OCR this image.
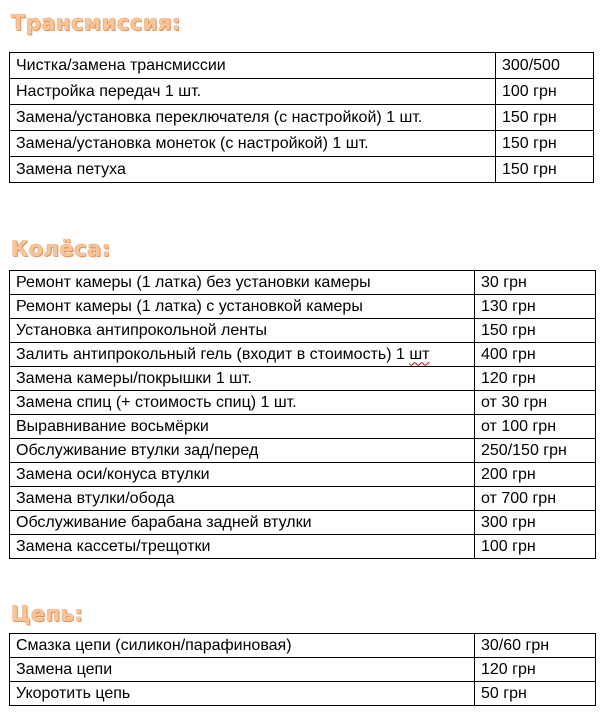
Трансмиссия:
Чистка/замена трансмиссии	300/500
Настройка передач 1 шт.	100 грн
Замена/установка переключателя (с настройкой) 1 шт.	150 грн
Замена/установка монеток (с настройкой) 1 шт.	150 грн
Замена петуха	150 грн
Колёса:
Ремонт камеры (1 латка) без установки камеры	30 грн
Ремонт камеры (1 латка) с установкой камеры	130 грн
Установка антипрокольной ленты	150 грн
Залить антипрокольный гель (входит в стоимость) 1 шт	400 грн
Замена камеры/покрышки 1 шт.	120 грн
Замена спиц (+ стоимость спиц) 1 шт.	от 30 грн
Выравнивание восьмёрки	от 100 грн
Обслуживание втулки зад/перед	250/150 грн
Замена оси/конуса втулки	200 грн
Замена втулки/обода	от 700 грн
Обслуживание барабана задней втулки	300 грн
Замена кассеты/трещотки	100 грн
Цепь:
Смазка цепи (силикон/парафиновая)	30/60 грн
Замена цепи	120 грн
Укоротить цепь	50 грн
